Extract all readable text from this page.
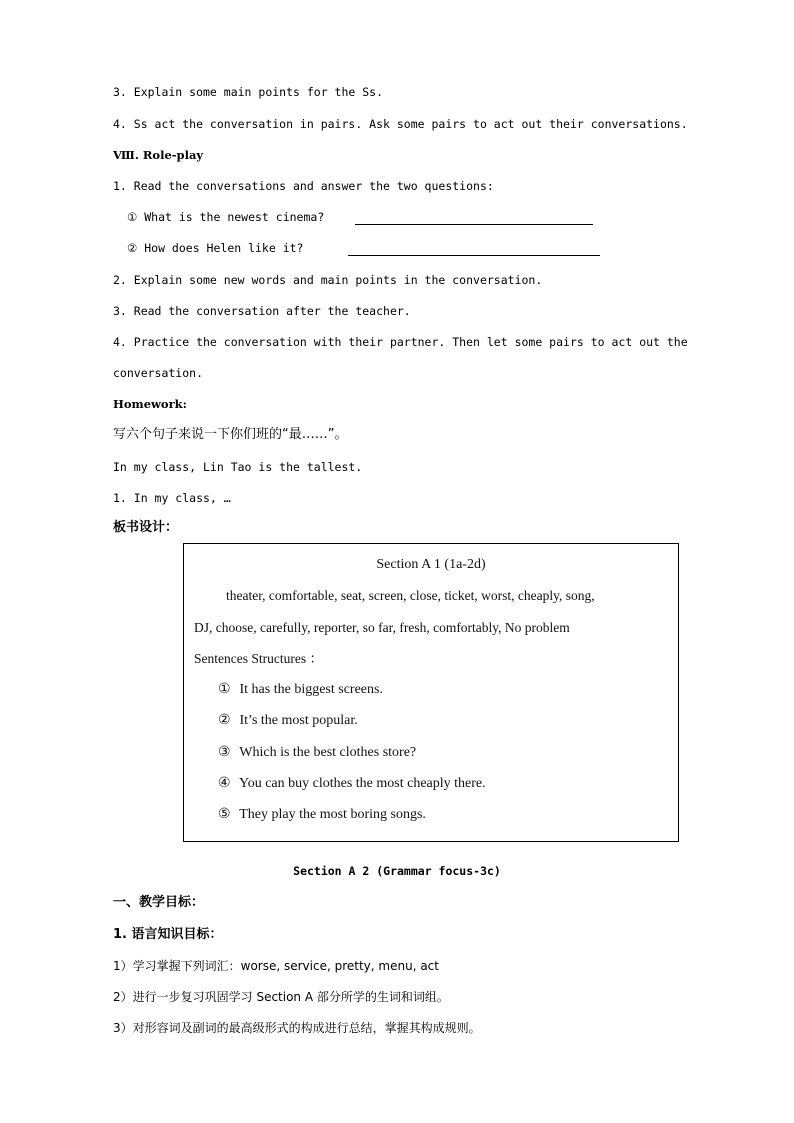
3. Explain some main points for the Ss.
4. Ss act the conversation in pairs. Ask some pairs to act out their conversations.
Ⅷ. Role-play
1. Read the conversations and answer the two questions:
① What is the newest cinema?
② How does Helen like it?
2. Explain some new words and main points in the conversation.
3. Read the conversation after the teacher.
4. Practice the conversation with their partner. Then let some pairs to act out the
conversation.
Homework:
写六个句子来说一下你们班的“最……”。
In my class, Lin Tao is the tallest.
1. In my class, …
板书设计：
Section A 1 (1a-2d)
theater, comfortable, seat, screen, close, ticket, worst, cheaply, song,
DJ, choose, carefully, reporter, so far, fresh, comfortably, No problem
Sentences Structures ：
① It has the biggest screens.
② It’s the most popular.
③ Which is the best clothes store?
④ You can buy clothes the most cheaply there.
⑤ They play the most boring songs.
Section A 2 (Grammar focus-3c)
一、教学目标：
1. 语言知识目标：
1）学习掌握下列词汇：worse, service, pretty, menu, act
2）进行一步复习巩固学习 Section A 部分所学的生词和词组。
3）对形容词及副词的最高级形式的构成进行总结，掌握其构成规则。
